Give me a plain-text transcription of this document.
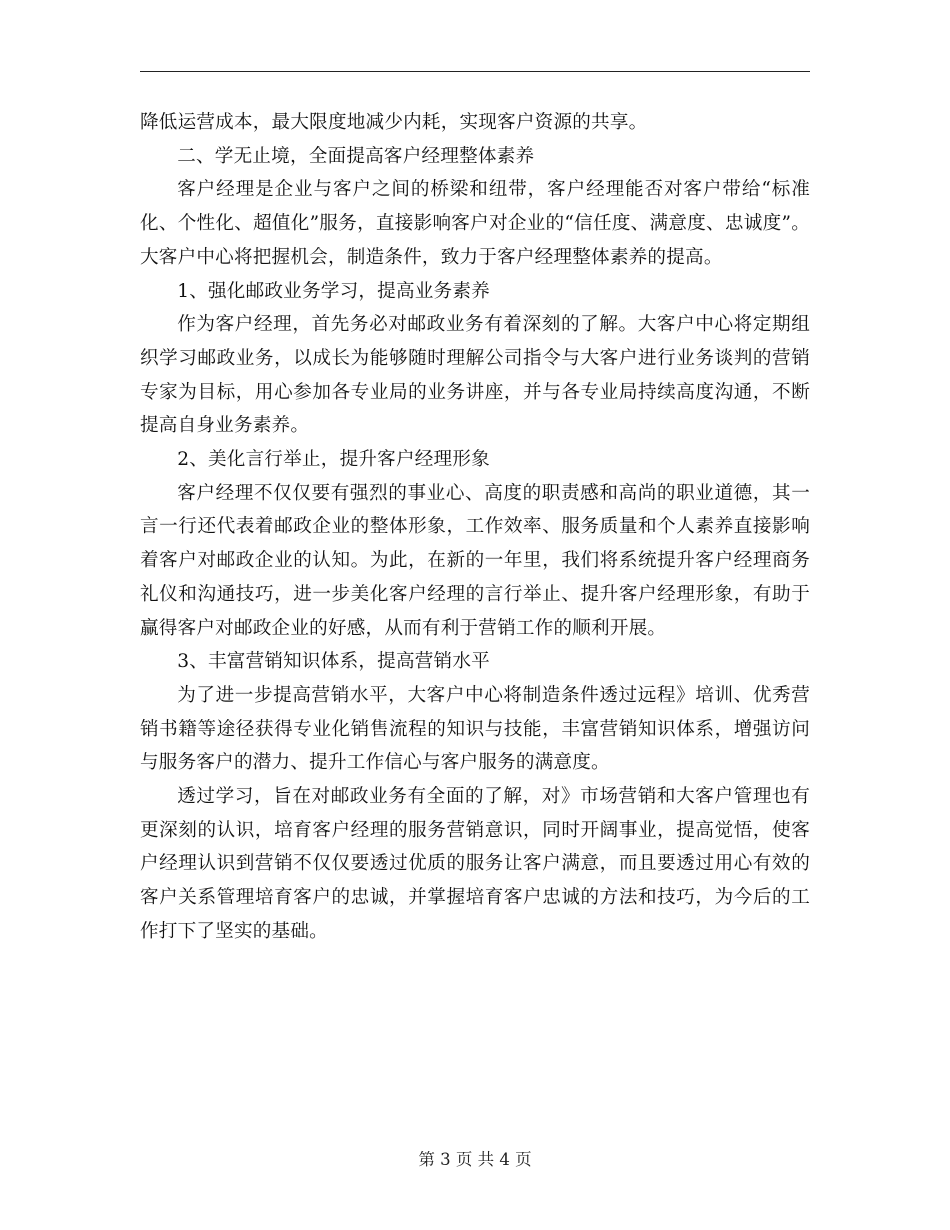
降低运营成本，最大限度地减少内耗，实现客户资源的共享。

二、学无止境，全面提高客户经理整体素养

客户经理是企业与客户之间的桥梁和纽带，客户经理能否对客户带给“标准化、个性化、超值化”服务，直接影响客户对企业的“信任度、满意度、忠诚度”。大客户中心将把握机会，制造条件，致力于客户经理整体素养的提高。

1、强化邮政业务学习，提高业务素养

作为客户经理，首先务必对邮政业务有着深刻的了解。大客户中心将定期组织学习邮政业务，以成长为能够随时理解公司指令与大客户进行业务谈判的营销专家为目标，用心参加各专业局的业务讲座，并与各专业局持续高度沟通，不断提高自身业务素养。

2、美化言行举止，提升客户经理形象

客户经理不仅仅要有强烈的事业心、高度的职责感和高尚的职业道德，其一言一行还代表着邮政企业的整体形象，工作效率、服务质量和个人素养直接影响着客户对邮政企业的认知。为此，在新的一年里，我们将系统提升客户经理商务礼仪和沟通技巧，进一步美化客户经理的言行举止、提升客户经理形象，有助于赢得客户对邮政企业的好感，从而有利于营销工作的顺利开展。

3、丰富营销知识体系，提高营销水平

为了进一步提高营销水平，大客户中心将制造条件透过远程》培训、优秀营销书籍等途径获得专业化销售流程的知识与技能，丰富营销知识体系，增强访问与服务客户的潜力、提升工作信心与客户服务的满意度。

透过学习，旨在对邮政业务有全面的了解，对》市场营销和大客户管理也有更深刻的认识，培育客户经理的服务营销意识，同时开阔事业，提高觉悟，使客户经理认识到营销不仅仅要透过优质的服务让客户满意，而且要透过用心有效的客户关系管理培育客户的忠诚，并掌握培育客户忠诚的方法和技巧，为今后的工作打下了坚实的基础。

第 3 页 共 4 页
